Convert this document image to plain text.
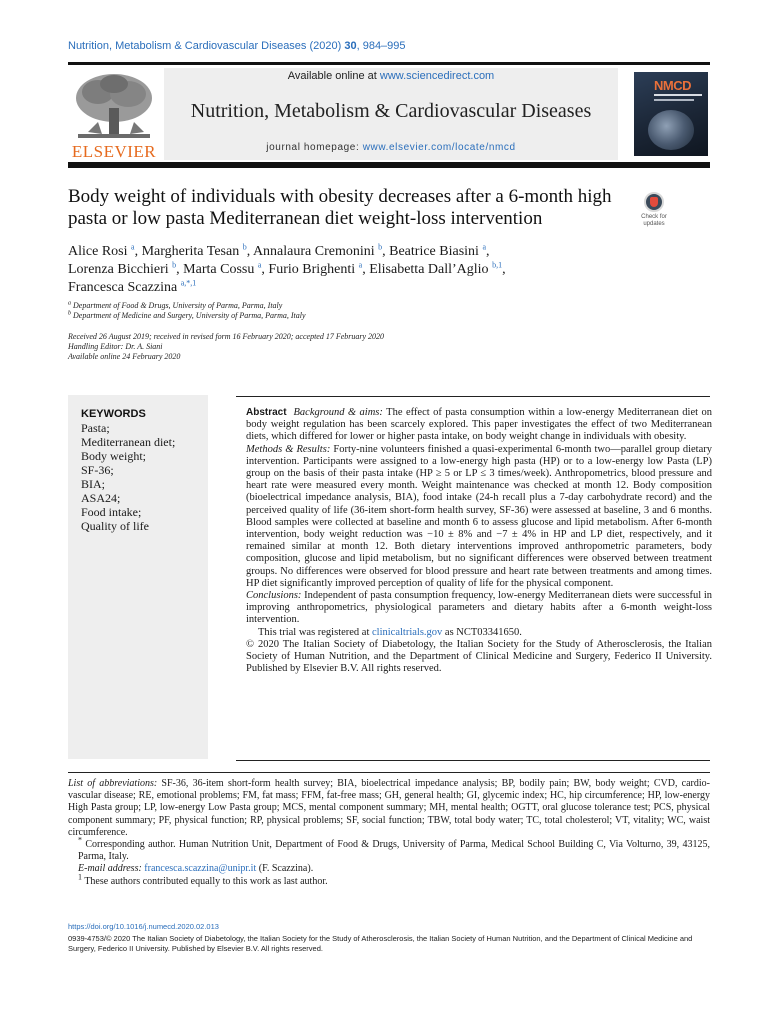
Nutrition, Metabolism & Cardiovascular Diseases (2020) 30, 984–995
ELSEVIER
Available online at www.sciencedirect.com
Nutrition, Metabolism & Cardiovascular Diseases
journal homepage: www.elsevier.com/locate/nmcd
NMCD
Body weight of individuals with obesity decreases after a 6-month high pasta or low pasta Mediterranean diet weight-loss intervention	Check for updates
Alice Rosi $^a$, Margherita Tesan $^b$, Annalaura Cremonini $^b$, Beatrice Biasini $^a$,
Lorenza Bicchieri $^b$, Marta Cossu $^a$, Furio Brighenti $^a$, Elisabetta Dall’Aglio $^{b,1}$,
Francesca Scazzina $^{a,*,1}$
$^a$ Department of Food & Drugs, University of Parma, Parma, Italy
$^b$ Department of Medicine and Surgery, University of Parma, Parma, Italy
Received 26 August 2019; received in revised form 16 February 2020; accepted 17 February 2020
Handling Editor: Dr. A. Siani
Available online 24 February 2020
KEYWORDS
Pasta;
Mediterranean diet;
Body weight;
SF-36;
BIA;
ASA24;
Food intake;
Quality of life

Abstract Background & aims: The effect of pasta consumption within a low-energy Mediterranean diet on body weight regulation has been scarcely explored. This paper investigates the effect of two Mediterranean diets, which differed for lower or higher pasta intake, on body weight change in individuals with obesity.

Methods & Results: Forty-nine volunteers finished a quasi-experimental 6-month two—parallel group dietary intervention. Participants were assigned to a low-energy high pasta (HP) or to a low-energy low Pasta (LP) group on the basis of their pasta intake (HP ≥ 5 or LP ≤ 3 times/week). Anthropometrics, blood pressure and heart rate were measured every month. Weight maintenance was checked at month 12. Body composition (bioelectrical impedance analysis, BIA), food intake (24-h recall plus a 7-day carbohydrate record) and the perceived quality of life (36-item short-form health survey, SF-36) were assessed at baseline, 3 and 6 months. Blood samples were collected at baseline and month 6 to assess glucose and lipid metabolism. After 6-month intervention, body weight reduction was −10 ± 8% and −7 ± 4% in HP and LP diet, respectively, and it remained similar at month 12. Both dietary interventions improved anthropometric parameters, body composition, glucose and lipid metabolism, but no significant differences were observed between treatment groups. No differences were observed for blood pressure and heart rate between treatments and among times. HP diet significantly improved perception of quality of life for the physical component.

Conclusions: Independent of pasta consumption frequency, low-energy Mediterranean diets were successful in improving anthropometrics, physiological parameters and dietary habits after a 6-month weight-loss intervention.

This trial was registered at clinicaltrials.gov as NCT03341650.

© 2020 The Italian Society of Diabetology, the Italian Society for the Study of Atherosclerosis, the Italian Society of Human Nutrition, and the Department of Clinical Medicine and Surgery, Federico II University. Published by Elsevier B.V. All rights reserved.

List of abbreviations: SF-36, 36-item short-form health survey; BIA, bioelectrical impedance analysis; BP, bodily pain; BW, body weight; CVD, cardio-vascular disease; RE, emotional problems; FM, fat mass; FFM, fat-free mass; GH, general health; GI, glycemic index; HC, hip circumference; HP, low-energy High Pasta group; LP, low-energy Low Pasta group; MCS, mental component summary; MH, mental health; OGTT, oral glucose tolerance test; PCS, physical component summary; PF, physical function; RP, physical problems; SF, social function; TBW, total body water; TC, total cholesterol; VT, vitality; WC, waist circumference.

* Corresponding author. Human Nutrition Unit, Department of Food & Drugs, University of Parma, Medical School Building C, Via Volturno, 39, 43125, Parma, Italy.

E-mail address: francesca.scazzina@unipr.it (F. Scazzina).

$^1$ These authors contributed equally to this work as last author.

https://doi.org/10.1016/j.numecd.2020.02.013
0939-4753/© 2020 The Italian Society of Diabetology, the Italian Society for the Study of Atherosclerosis, the Italian Society of Human Nutrition, and the Department of Clinical Medicine and Surgery, Federico II University. Published by Elsevier B.V. All rights reserved.
